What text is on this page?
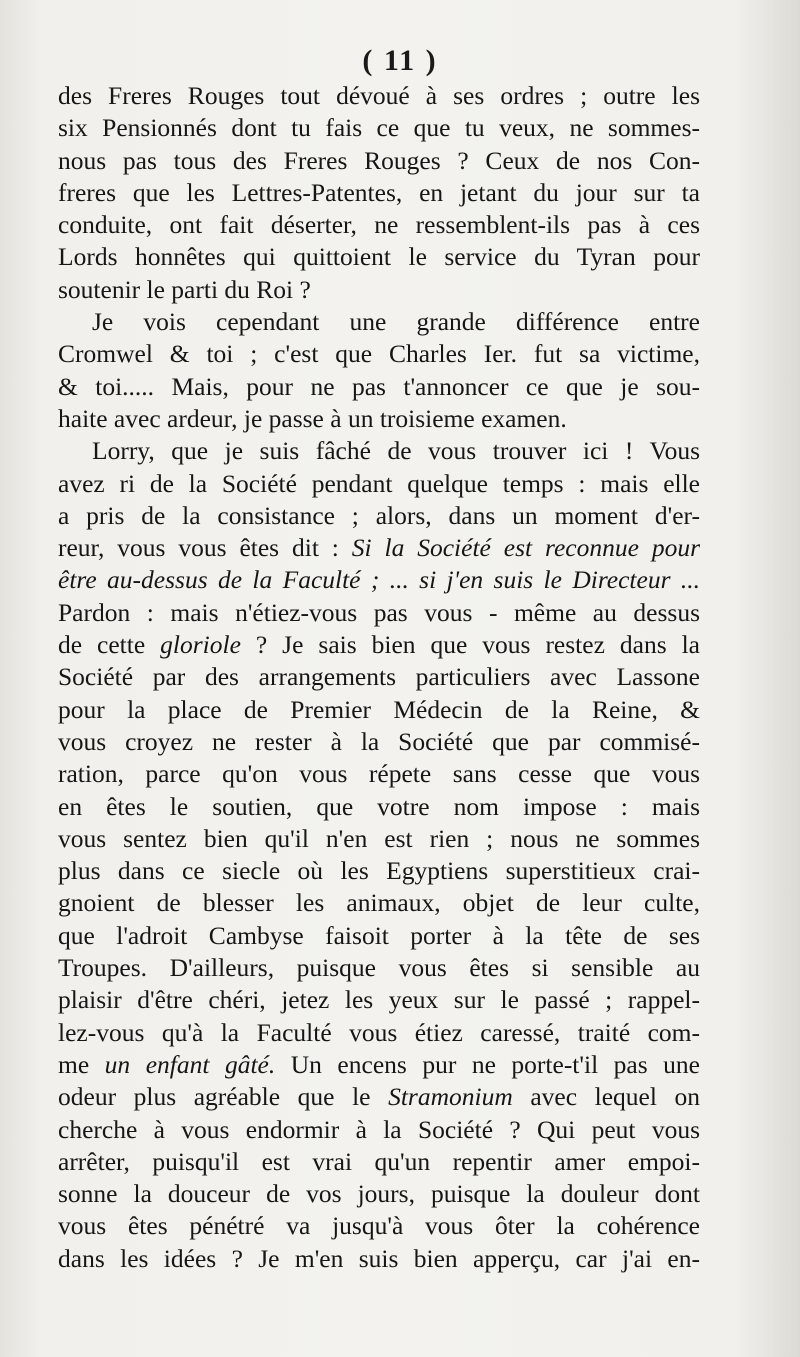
( 11 )
des Freres Rouges tout dévoué à ses ordres ; outre les
six Pensionnés dont tu fais ce que tu veux, ne sommes-
nous pas tous des Freres Rouges ? Ceux de nos Con-
freres que les Lettres-Patentes, en jetant du jour sur ta
conduite, ont fait déserter, ne ressemblent-ils pas à ces
Lords honnêtes qui quittoient le service du Tyran pour
soutenir le parti du Roi ?
Je vois cependant une grande différence entre
Cromwel & toi ; c'est que Charles Ier. fut sa victime,
& toi..... Mais, pour ne pas t'annoncer ce que je sou-
haite avec ardeur, je passe à un troisieme examen.
Lorry, que je suis fâché de vous trouver ici ! Vous
avez ri de la Société pendant quelque temps : mais elle
a pris de la consistance ; alors, dans un moment d'er-
reur, vous vous êtes dit : Si la Société est reconnue pour
être au-dessus de la Faculté ; ... si j'en suis le Directeur ...
Pardon : mais n'étiez-vous pas vous - même au dessus
de cette gloriole ? Je sais bien que vous restez dans la
Société par des arrangements particuliers avec Lassone
pour la place de Premier Médecin de la Reine, &
vous croyez ne rester à la Société que par commisé-
ration, parce qu'on vous répete sans cesse que vous
en êtes le soutien, que votre nom impose : mais
vous sentez bien qu'il n'en est rien ; nous ne sommes
plus dans ce siecle où les Egyptiens superstitieux crai-
gnoient de blesser les animaux, objet de leur culte,
que l'adroit Cambyse faisoit porter à la tête de ses
Troupes. D'ailleurs, puisque vous êtes si sensible au
plaisir d'être chéri, jetez les yeux sur le passé ; rappel-
lez-vous qu'à la Faculté vous étiez caressé, traité com-
me un enfant gâté. Un encens pur ne porte-t'il pas une
odeur plus agréable que le Stramonium avec lequel on
cherche à vous endormir à la Société ? Qui peut vous
arrêter, puisqu'il est vrai qu'un repentir amer empoi-
sonne la douceur de vos jours, puisque la douleur dont
vous êtes pénétré va jusqu'à vous ôter la cohérence
dans les idées ? Je m'en suis bien apperçu, car j'ai en-
